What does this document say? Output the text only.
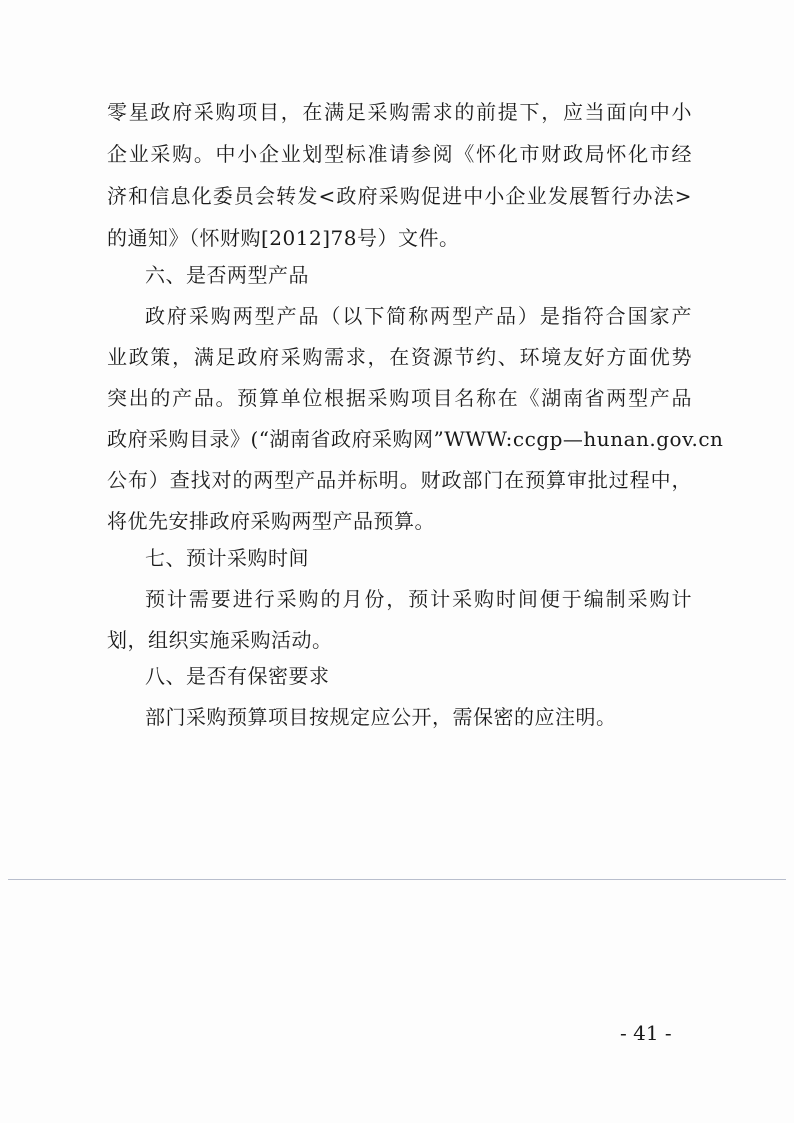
零星政府采购项目，在满足采购需求的前提下，应当面向中小
企业采购。中小企业划型标准请参阅《怀化市财政局怀化市经
济和信息化委员会转发<政府采购促进中小企业发展暂行办法>
的通知》（怀财购[2012]78号）文件。
六、是否两型产品
政府采购两型产品（以下简称两型产品）是指符合国家产
业政策，满足政府采购需求，在资源节约、环境友好方面优势
突出的产品。预算单位根据采购项目名称在《湖南省两型产品
政府采购目录》(“湖南省政府采购网”WWW:ccgp—hunan.gov.cn
公布）查找对的两型产品并标明。财政部门在预算审批过程中，
将优先安排政府采购两型产品预算。
七、预计采购时间
预计需要进行采购的月份，预计采购时间便于编制采购计
划，组织实施采购活动。
八、是否有保密要求
部门采购预算项目按规定应公开，需保密的应注明。
- 41 -
